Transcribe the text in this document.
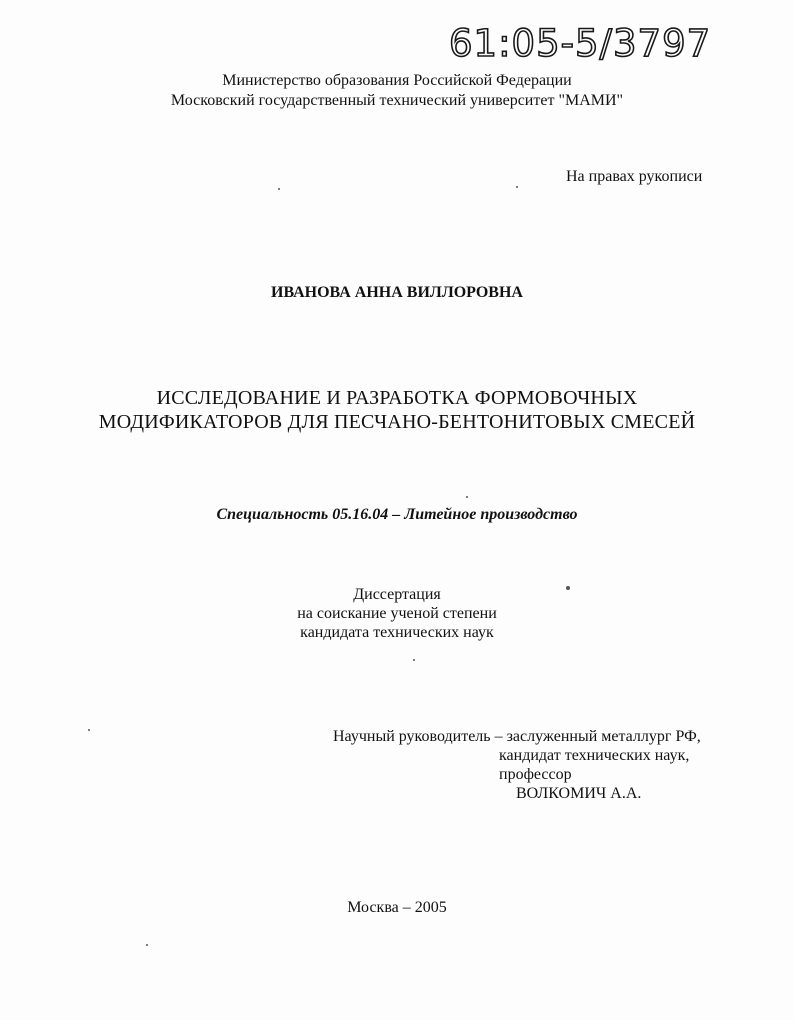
61:05-5/3797
Министерство образования Российской Федерации
Московский государственный технический университет "МАМИ"
На правах рукописи
ИВАНОВА АННА ВИЛЛОРОВНА
ИССЛЕДОВАНИЕ И РАЗРАБОТКА ФОРМОВОЧНЫХ
МОДИФИКАТОРОВ ДЛЯ ПЕСЧАНО-БЕНТОНИТОВЫХ СМЕСЕЙ
Специальность 05.16.04 – Литейное производство
Диссертация
на соискание ученой степени
кандидата технических наук
Научный руководитель – заслуженный металлург РФ,
кандидат технических наук,
профессор
ВОЛКОМИЧ А.А.
Москва – 2005
